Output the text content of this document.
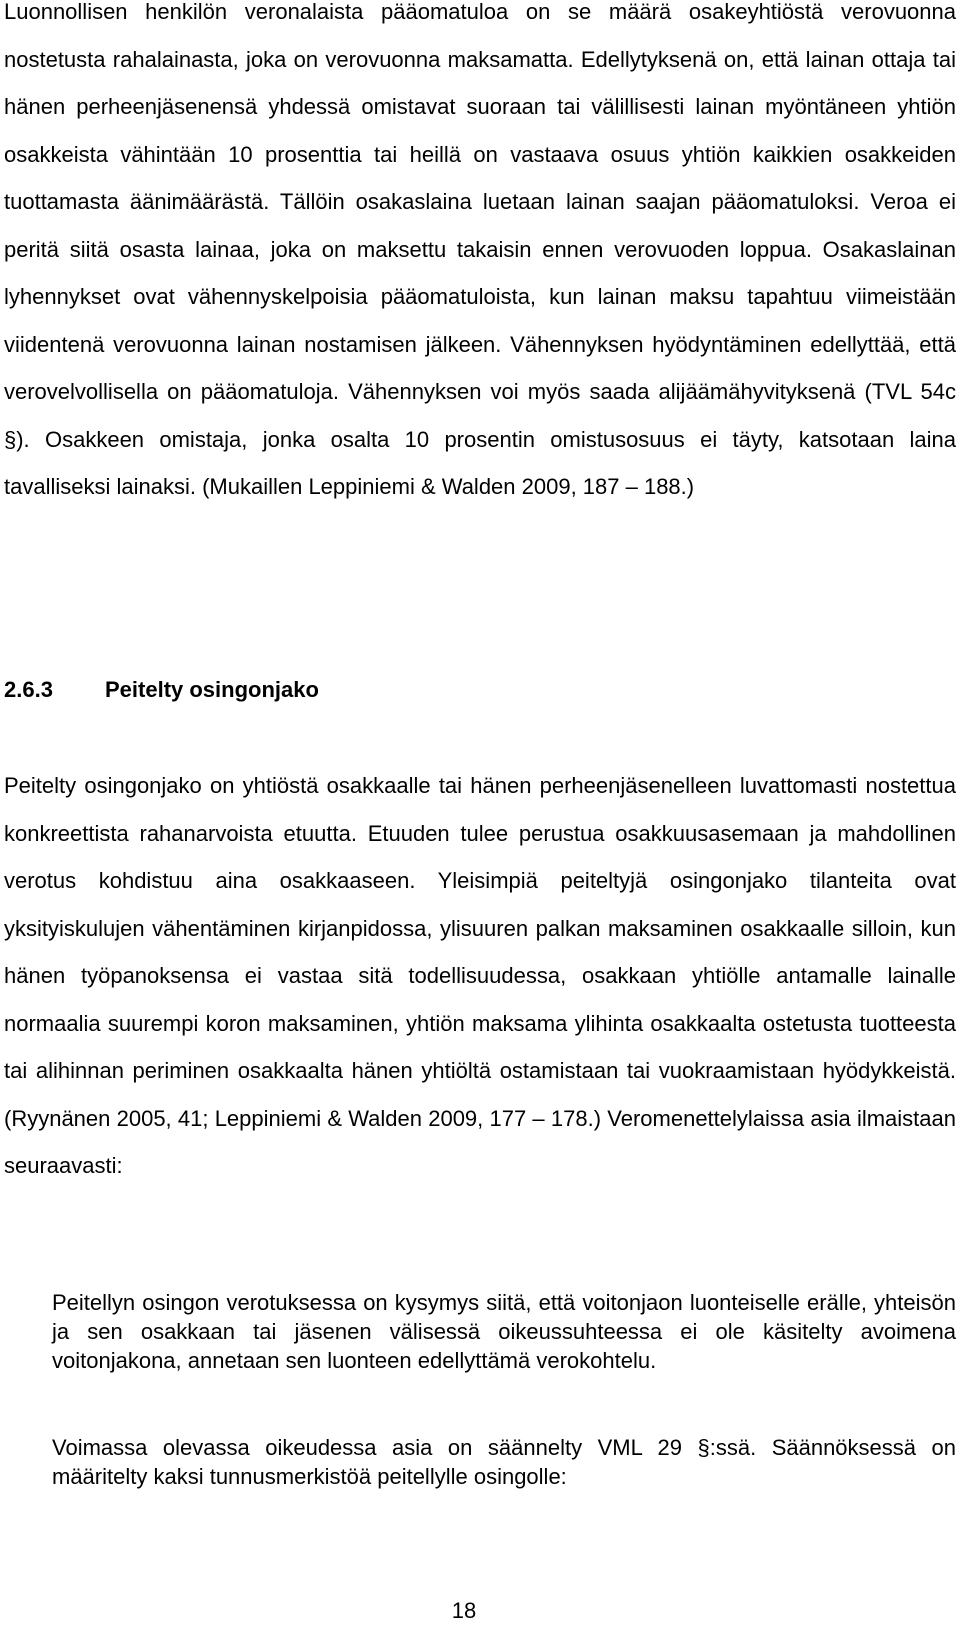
Luonnollisen henkilön veronalaista pääomatuloa on se määrä osakeyhtiöstä verovuonna nostetusta rahalainasta, joka on verovuonna maksamatta. Edellytyksenä on, että lainan ottaja tai hänen perheenjäsenensä yhdessä omistavat suoraan tai välillisesti lainan myöntäneen yhtiön osakkeista vähintään 10 prosenttia tai heillä on vastaava osuus yhtiön kaikkien osakkeiden tuottamasta äänimäärästä. Tällöin osakaslaina luetaan lainan saajan pääomatuloksi. Veroa ei peritä siitä osasta lainaa, joka on maksettu takaisin ennen verovuoden loppua. Osakaslainan lyhennykset ovat vähennyskelpoisia pääomatuloista, kun lainan maksu tapahtuu viimeistään viidentenä verovuonna lainan nostamisen jälkeen. Vähennyksen hyödyntäminen edellyttää, että verovelvollisella on pääomatuloja. Vähennyksen voi myös saada alijäämähyvityksenä (TVL 54c §). Osakkeen omistaja, jonka osalta 10 prosentin omistusosuus ei täyty, katsotaan laina tavalliseksi lainaksi. (Mukaillen Leppiniemi & Walden 2009, 187 – 188.)

2.6.3 Peitelty osingonjako

Peitelty osingonjako on yhtiöstä osakkaalle tai hänen perheenjäsenelleen luvattomasti nostettua konkreettista rahanarvoista etuutta. Etuuden tulee perustua osakkuusasemaan ja mahdollinen verotus kohdistuu aina osakkaaseen. Yleisimpiä peiteltyjä osingonjako tilanteita ovat yksityiskulujen vähentäminen kirjanpidossa, ylisuuren palkan maksaminen osakkaalle silloin, kun hänen työpanoksensa ei vastaa sitä todellisuudessa, osakkaan yhtiölle antamalle lainalle normaalia suurempi koron maksaminen, yhtiön maksama ylihinta osakkaalta ostetusta tuotteesta tai alihinnan periminen osakkaalta hänen yhtiöltä ostamistaan tai vuokraamistaan hyödykkeistä. (Ryynänen 2005, 41; Leppiniemi & Walden 2009, 177 – 178.) Veromenettelylaissa asia ilmaistaan seuraavasti:

Peitellyn osingon verotuksessa on kysymys siitä, että voitonjaon luonteiselle erälle, yhteisön ja sen osakkaan tai jäsenen välisessä oikeussuhteessa ei ole käsitelty avoimena voitonjakona, annetaan sen luonteen edellyttämä verokohtelu.

Voimassa olevassa oikeudessa asia on säännelty VML 29 §:ssä. Säännöksessä on määritelty kaksi tunnusmerkistöä peitellylle osingolle:

18
